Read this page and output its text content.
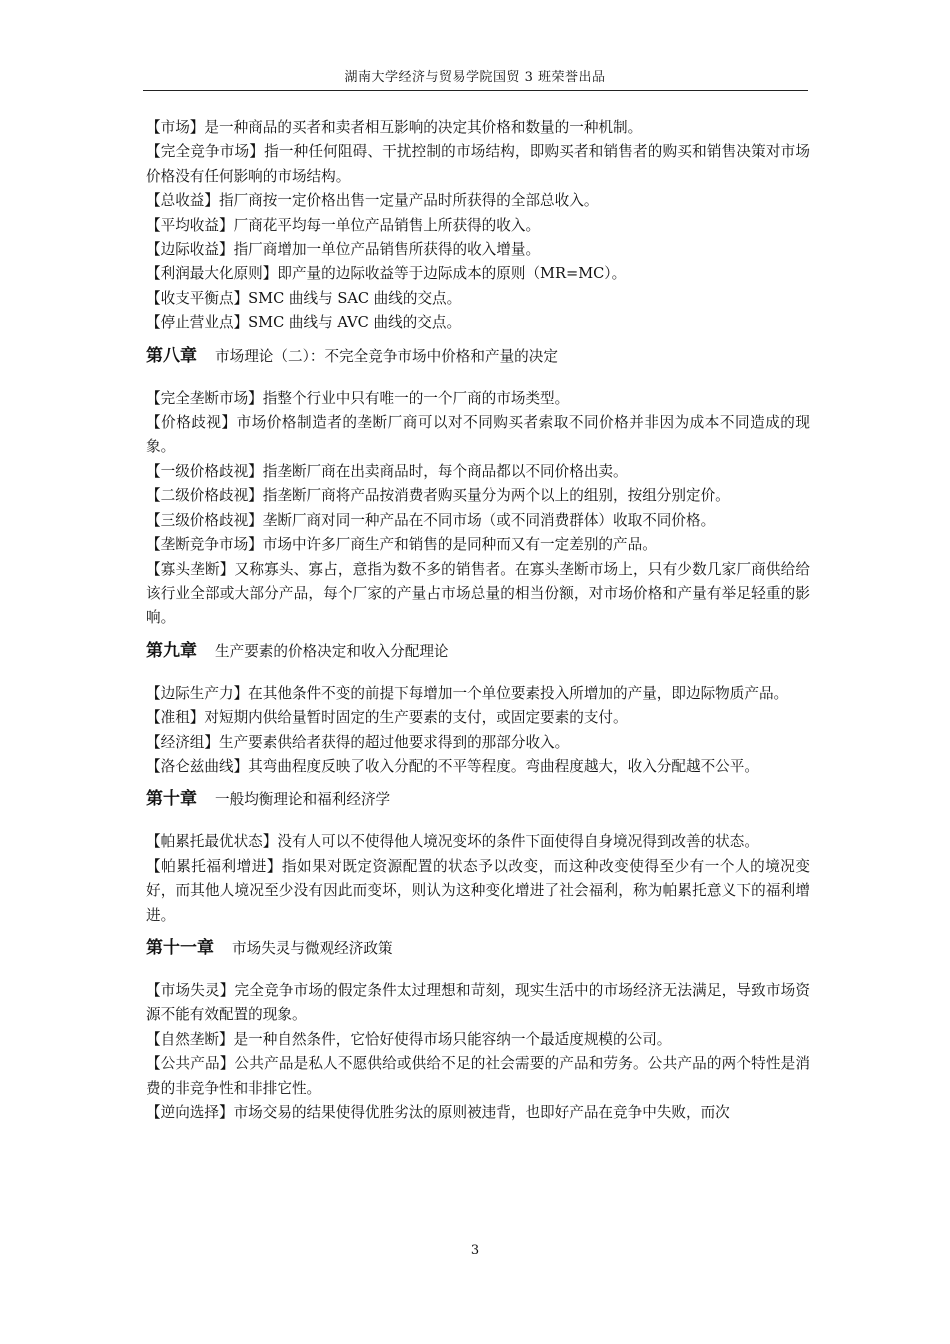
湖南大学经济与贸易学院国贸 3 班荣誉出品

【市场】是一种商品的买者和卖者相互影响的决定其价格和数量的一种机制。

【完全竞争市场】指一种任何阻碍、干扰控制的市场结构，即购买者和销售者的购买和销售决策对市场价格没有任何影响的市场结构。

【总收益】指厂商按一定价格出售一定量产品时所获得的全部总收入。

【平均收益】厂商花平均每一单位产品销售上所获得的收入。

【边际收益】指厂商增加一单位产品销售所获得的收入增量。

【利润最大化原则】即产量的边际收益等于边际成本的原则（MR=MC）。

【收支平衡点】SMC 曲线与 SAC 曲线的交点。

【停止营业点】SMC 曲线与 AVC 曲线的交点。

第八章 市场理论（二）：不完全竞争市场中价格和产量的决定

【完全垄断市场】指整个行业中只有唯一的一个厂商的市场类型。

【价格歧视】市场价格制造者的垄断厂商可以对不同购买者索取不同价格并非因为成本不同造成的现象。

【一级价格歧视】指垄断厂商在出卖商品时，每个商品都以不同价格出卖。

【二级价格歧视】指垄断厂商将产品按消费者购买量分为两个以上的组别，按组分别定价。

【三级价格歧视】垄断厂商对同一种产品在不同市场（或不同消费群体）收取不同价格。

【垄断竞争市场】市场中许多厂商生产和销售的是同种而又有一定差别的产品。

【寡头垄断】又称寡头、寡占，意指为数不多的销售者。在寡头垄断市场上，只有少数几家厂商供给给该行业全部或大部分产品，每个厂家的产量占市场总量的相当份额，对市场价格和产量有举足轻重的影响。

第九章 生产要素的价格决定和收入分配理论

【边际生产力】在其他条件不变的前提下每增加一个单位要素投入所增加的产量，即边际物质产品。

【准租】对短期内供给量暂时固定的生产要素的支付，或固定要素的支付。

【经济组】生产要素供给者获得的超过他要求得到的那部分收入。

【洛仑兹曲线】其弯曲程度反映了收入分配的不平等程度。弯曲程度越大，收入分配越不公平。

第十章 一般均衡理论和福利经济学

【帕累托最优状态】没有人可以不使得他人境况变坏的条件下面使得自身境况得到改善的状态。

【帕累托福利增进】指如果对既定资源配置的状态予以改变，而这种改变使得至少有一个人的境况变好，而其他人境况至少没有因此而变坏，则认为这种变化增进了社会福利，称为帕累托意义下的福利增进。

第十一章 市场失灵与微观经济政策

【市场失灵】完全竞争市场的假定条件太过理想和苛刻，现实生活中的市场经济无法满足，导致市场资源不能有效配置的现象。

【自然垄断】是一种自然条件，它恰好使得市场只能容纳一个最适度规模的公司。

【公共产品】公共产品是私人不愿供给或供给不足的社会需要的产品和劳务。公共产品的两个特性是消费的非竞争性和非排它性。

【逆向选择】市场交易的结果使得优胜劣汰的原则被违背，也即好产品在竞争中失败，而次

3
